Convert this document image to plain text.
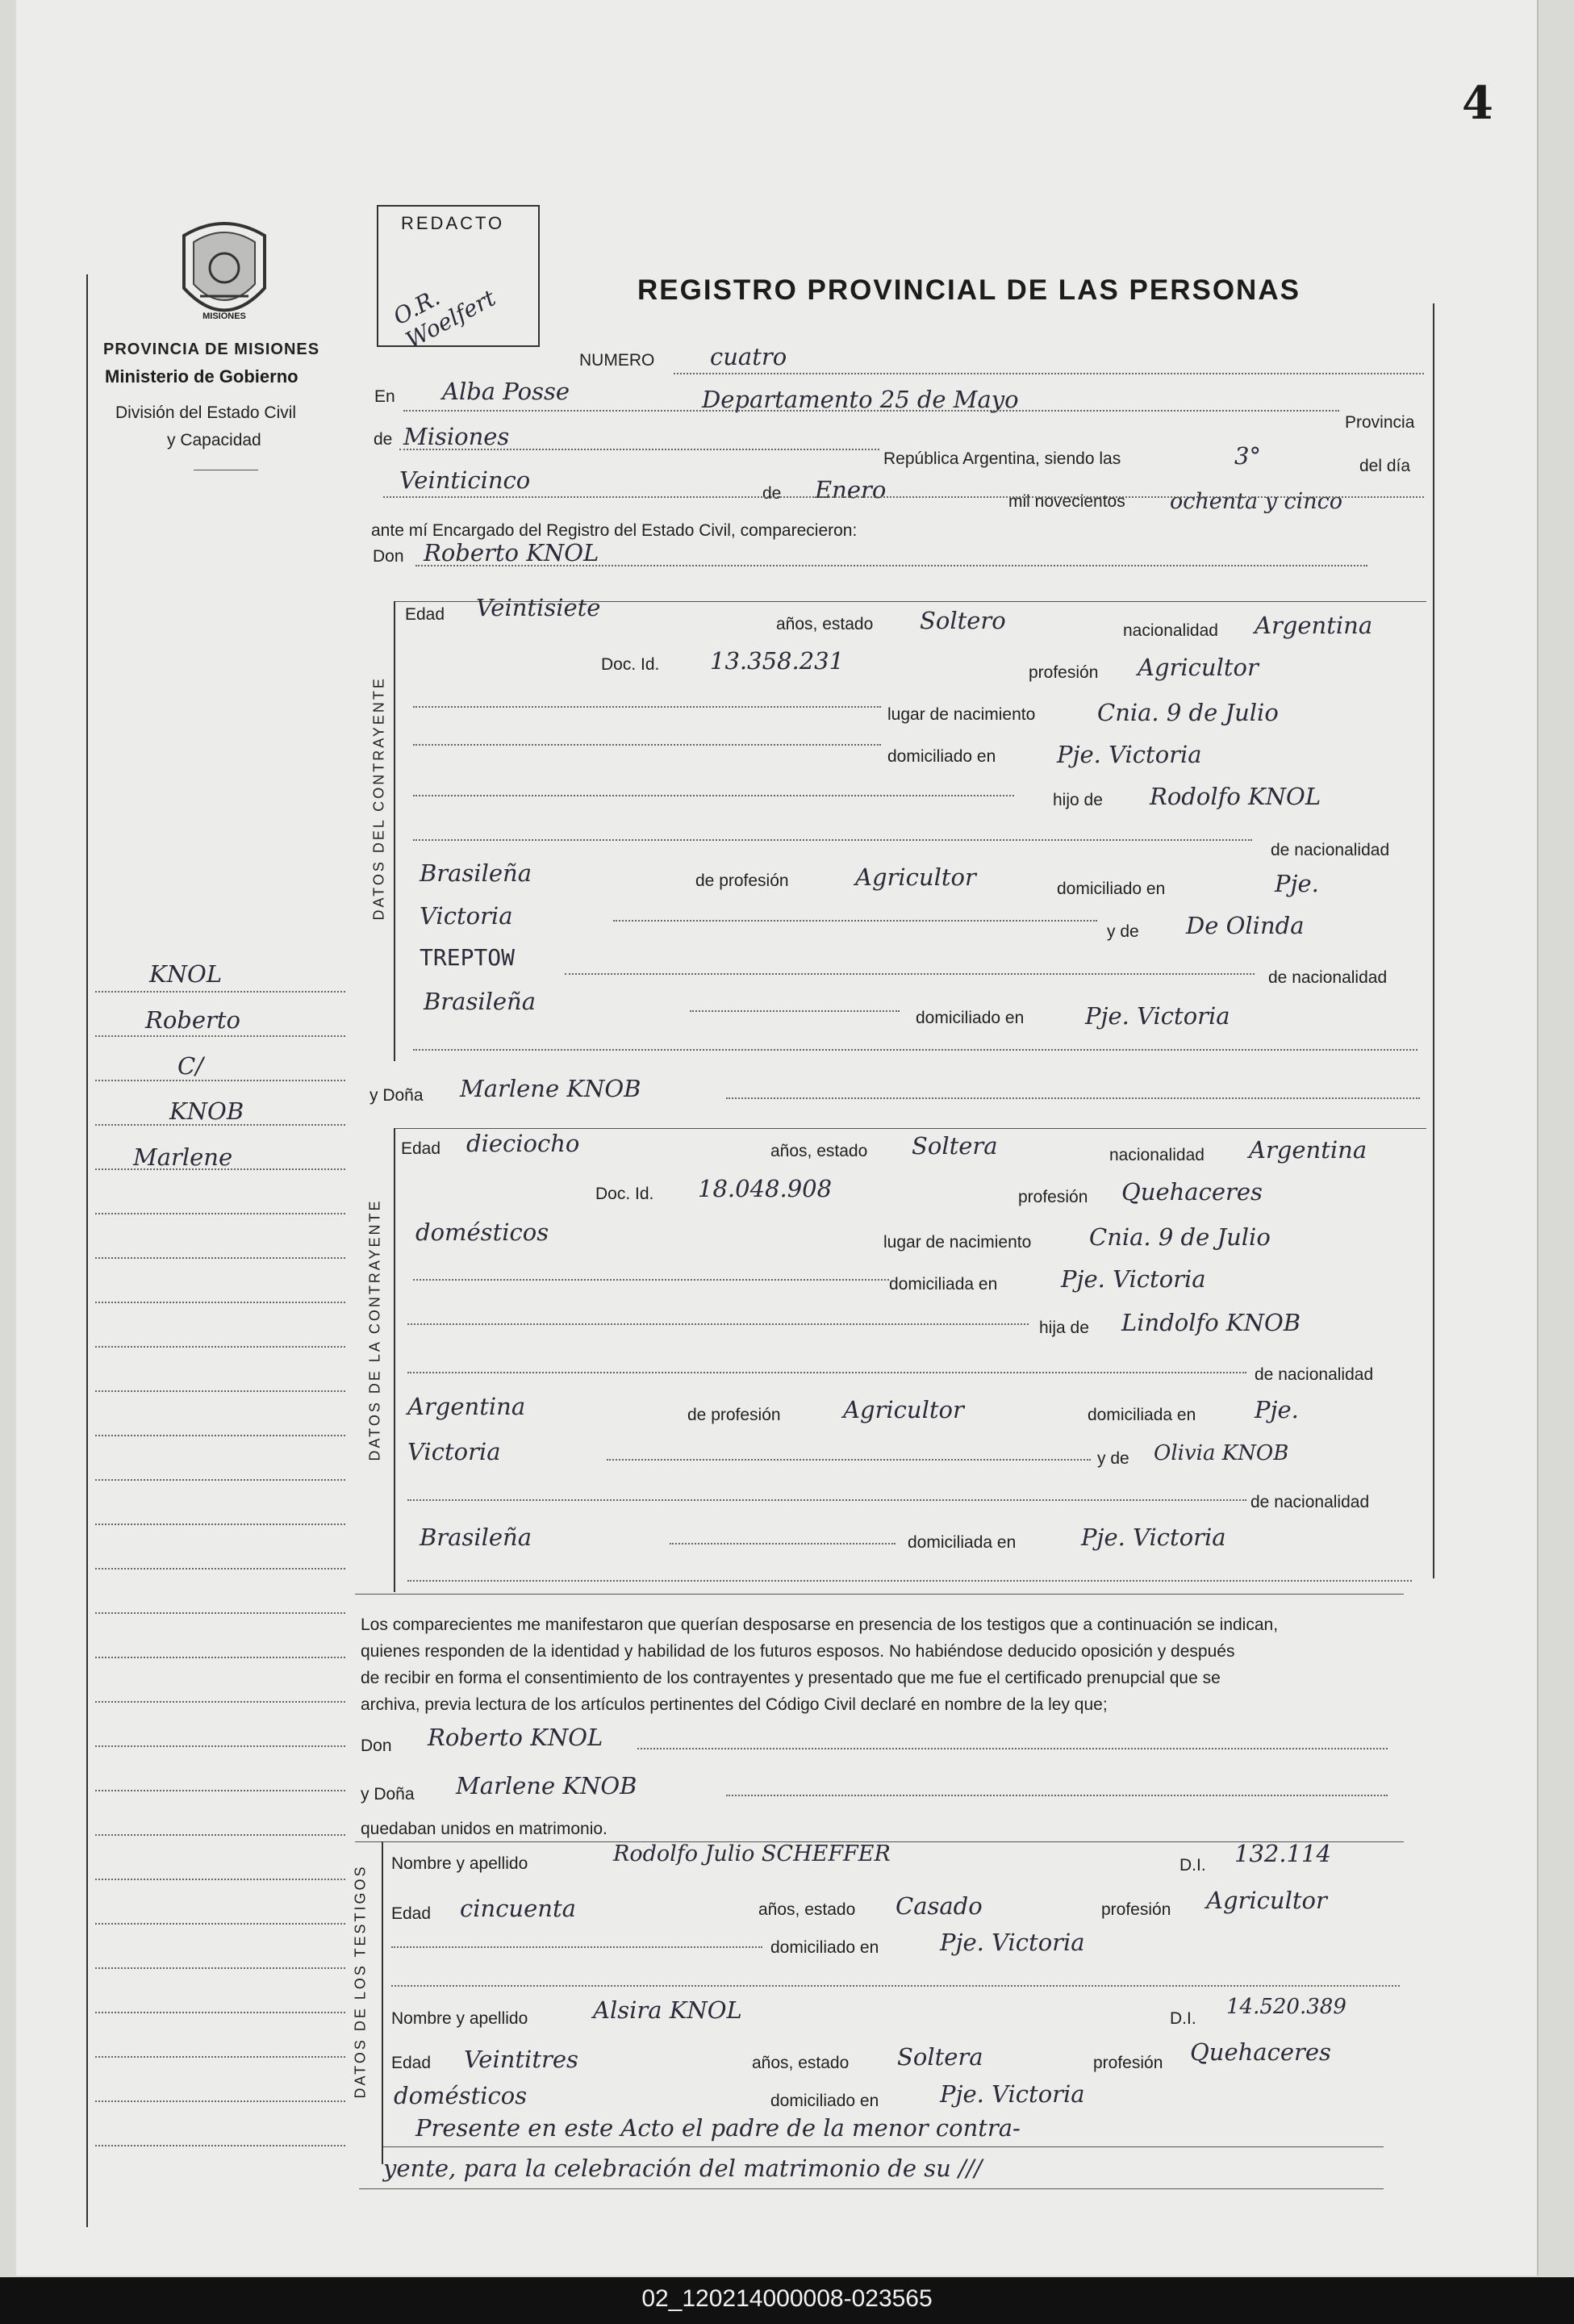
4
MISIONES
PROVINCIA DE MISIONES
Ministerio de Gobierno
División del Estado Civil
y Capacidad
KNOL
Roberto
C/
KNOB
Marlene
REDACTO
O.R. Woelfert	REGISTRO PROVINCIAL DE LAS PERSONAS
NUMERO cuatro
En Alba Posse	Departamento 25 de Mayo
Provincia
de Misiones
República Argentina, siendo las	3°	del día
Veinticinco	de Enero	mil novecientos ochenta y cinco
ante mí Encargado del Registro del Estado Civil, comparecieron:
Don Roberto KNOL
DATOS DEL CONTRAYENTE
Edad Veintisiete
años, estado Soltero	nacionalidad Argentina
Doc. Id. 13.358.231	profesión Agricultor
lugar de nacimiento	Cnia. 9 de Julio
domiciliado en	Pje. Victoria
hijo de Rodolfo KNOL
de nacionalidad
Brasileña	de profesión	Agricultor	domiciliado en	Pje.
Victoria
y de De Olinda
TREPTOW
de nacionalidad
Brasileña
domiciliado en	Pje. Victoria
y Doña Marlene KNOB
DATOS DE LA CONTRAYENTE
Edad dieciocho	años, estado Soltera	nacionalidad Argentina
Doc. Id. 18.048.908	profesión Quehaceres
domésticos	lugar de nacimiento Cnia. 9 de Julio
domiciliada en	Pje. Victoria
hija de Lindolfo KNOB
de nacionalidad
Argentina	de profesión	Agricultor	domiciliada en	Pje.
Victoria	y de Olivia KNOB
de nacionalidad
Brasileña	domiciliada en	Pje. Victoria
Los comparecientes me manifestaron que querían desposarse en presencia de los testigos que a continuación se indican,
quienes responden de la identidad y habilidad de los futuros esposos. No habiéndose deducido oposición y después
de recibir en forma el consentimiento de los contrayentes y presentado que me fue el certificado prenupcial que se
archiva, previa lectura de los artículos pertinentes del Código Civil declaré en nombre de la ley que;
Don Roberto KNOL
y Doña Marlene KNOB
quedaban unidos en matrimonio.
DATOS DE LOS TESTIGOS
Nombre y apellido	Rodolfo Julio SCHEFFER	D.I. 132.114
Edad cincuenta	años, estado Casado	profesión Agricultor
domiciliado en	Pje. Victoria
Nombre y apellido	Alsira KNOL	D.I. 14.520.389
Edad Veintitres	años, estado Soltera	profesión Quehaceres
domésticos	domiciliado en	Pje. Victoria
Presente en este Acto el padre de la menor contra-
yente, para la celebración del matrimonio de su ///
02_120214000008-023565
